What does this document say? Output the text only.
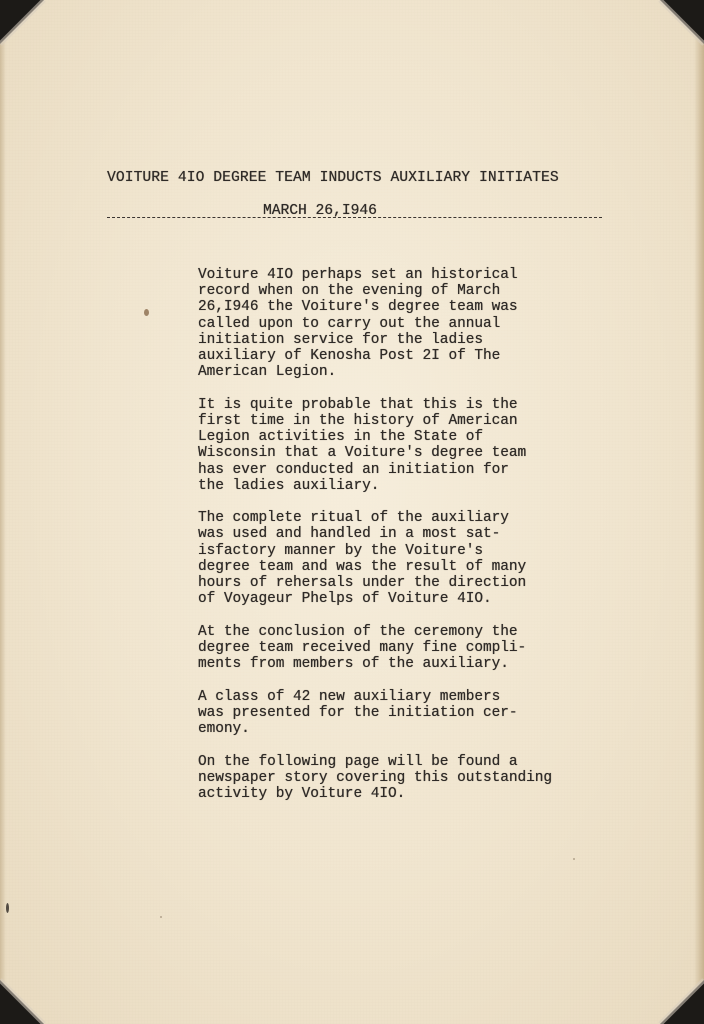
VOITURE 4IO DEGREE TEAM INDUCTS AUXILIARY INITIATES
MARCH 26,I946

Voiture 4IO perhaps set an historical
record when on the evening of March
26,I946 the Voiture's degree team was
called upon to carry out the annual
initiation service for the ladies
auxiliary of Kenosha Post 2I of The
American Legion.

It is quite probable that this is the
first time in the history of American
Legion activities in the State of
Wisconsin that a Voiture's degree team
has ever conducted an initiation for
the ladies auxiliary.

The complete ritual of the auxiliary
was used and handled in a most sat-
isfactory manner by the Voiture's
degree team and was the result of many
hours of rehersals under the direction
of Voyageur Phelps of Voiture 4IO.

At the conclusion of the ceremony the
degree team received many fine compli-
ments from members of the auxiliary.

A class of 42 new auxiliary members
was presented for the initiation cer-
emony.

On the following page will be found a
newspaper story covering this outstanding
activity by Voiture 4IO.
